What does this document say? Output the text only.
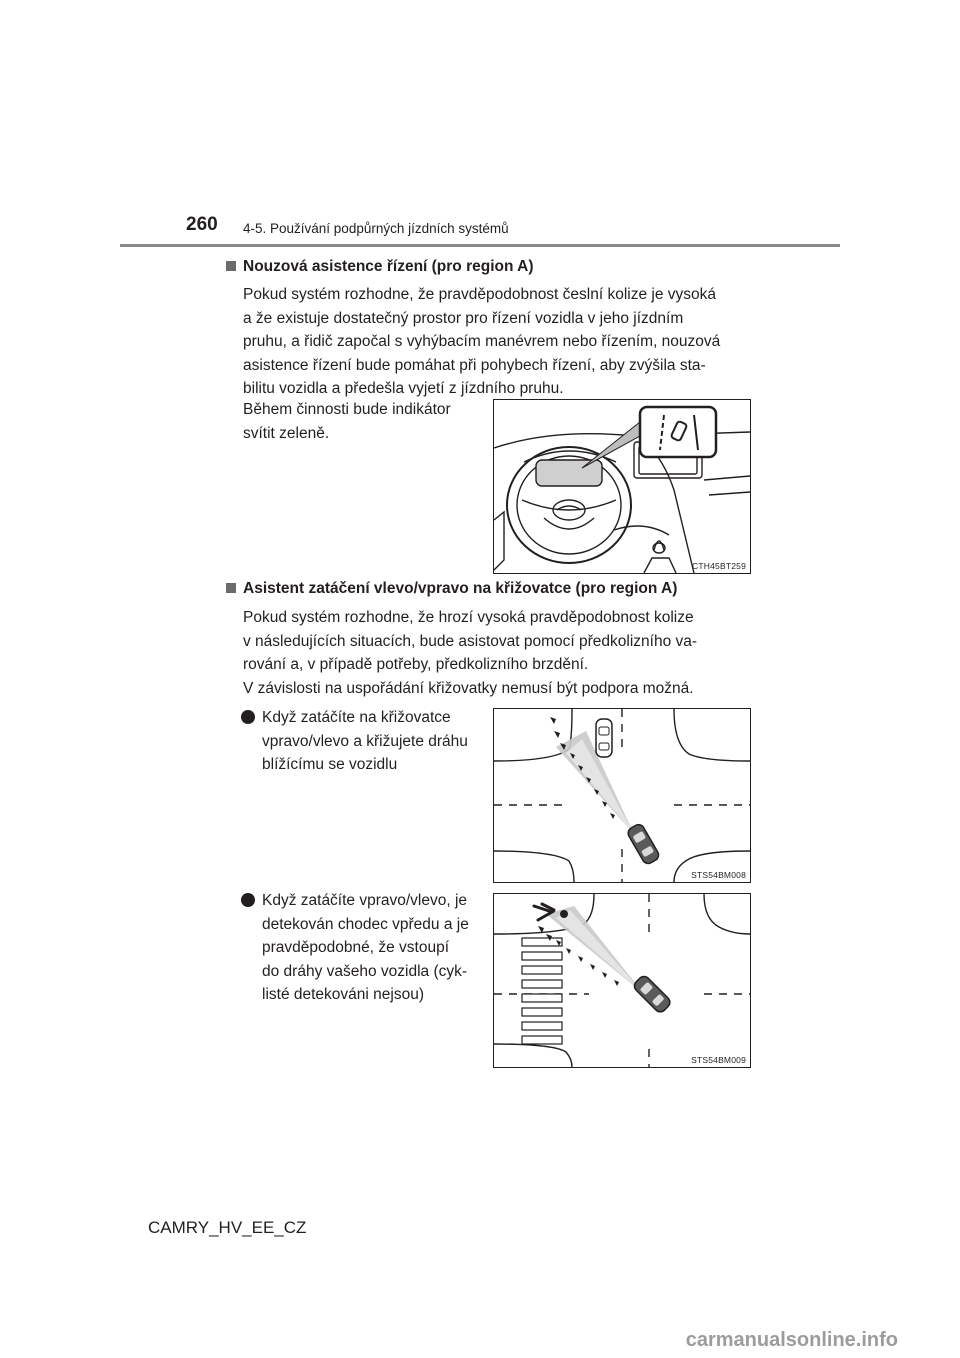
260 4-5. Používání podpůrných jízdních systémů
Nouzová asistence řízení (pro region A)
Pokud systém rozhodne, že pravděpodobnost česlní kolize je vysoká
a že existuje dostatečný prostor pro řízení vozidla v jeho jízdním
pruhu, a řidič započal s vyhýbacím manévrem nebo řízením, nouzová
asistence řízení bude pomáhat při pohybech řízení, aby zvýšila sta-
bilitu vozidla a předešla vyjetí z jízdního pruhu.
Během činnosti bude indikátor
svítit zeleně.
CTH45BT259
Asistent zatáčení vlevo/vpravo na křižovatce (pro region A)
Pokud systém rozhodne, že hrozí vysoká pravděpodobnost kolize
v následujících situacích, bude asistovat pomocí předkolizního va-
rování a, v případě potřeby, předkolizního brzdění.
V závislosti na uspořádání křižovatky nemusí být podpora možná.
Když zatáčíte na křižovatce
vpravo/vlevo a křižujete dráhu
blížícímu se vozidlu
STS54BM008
Když zatáčíte vpravo/vlevo, je
detekován chodec vpředu a je
pravděpodobné, že vstoupí
do dráhy vašeho vozidla (cyk-
listé detekováni nejsou)
STS54BM009
CAMRY_HV_EE_CZ
carmanualsonline.info
